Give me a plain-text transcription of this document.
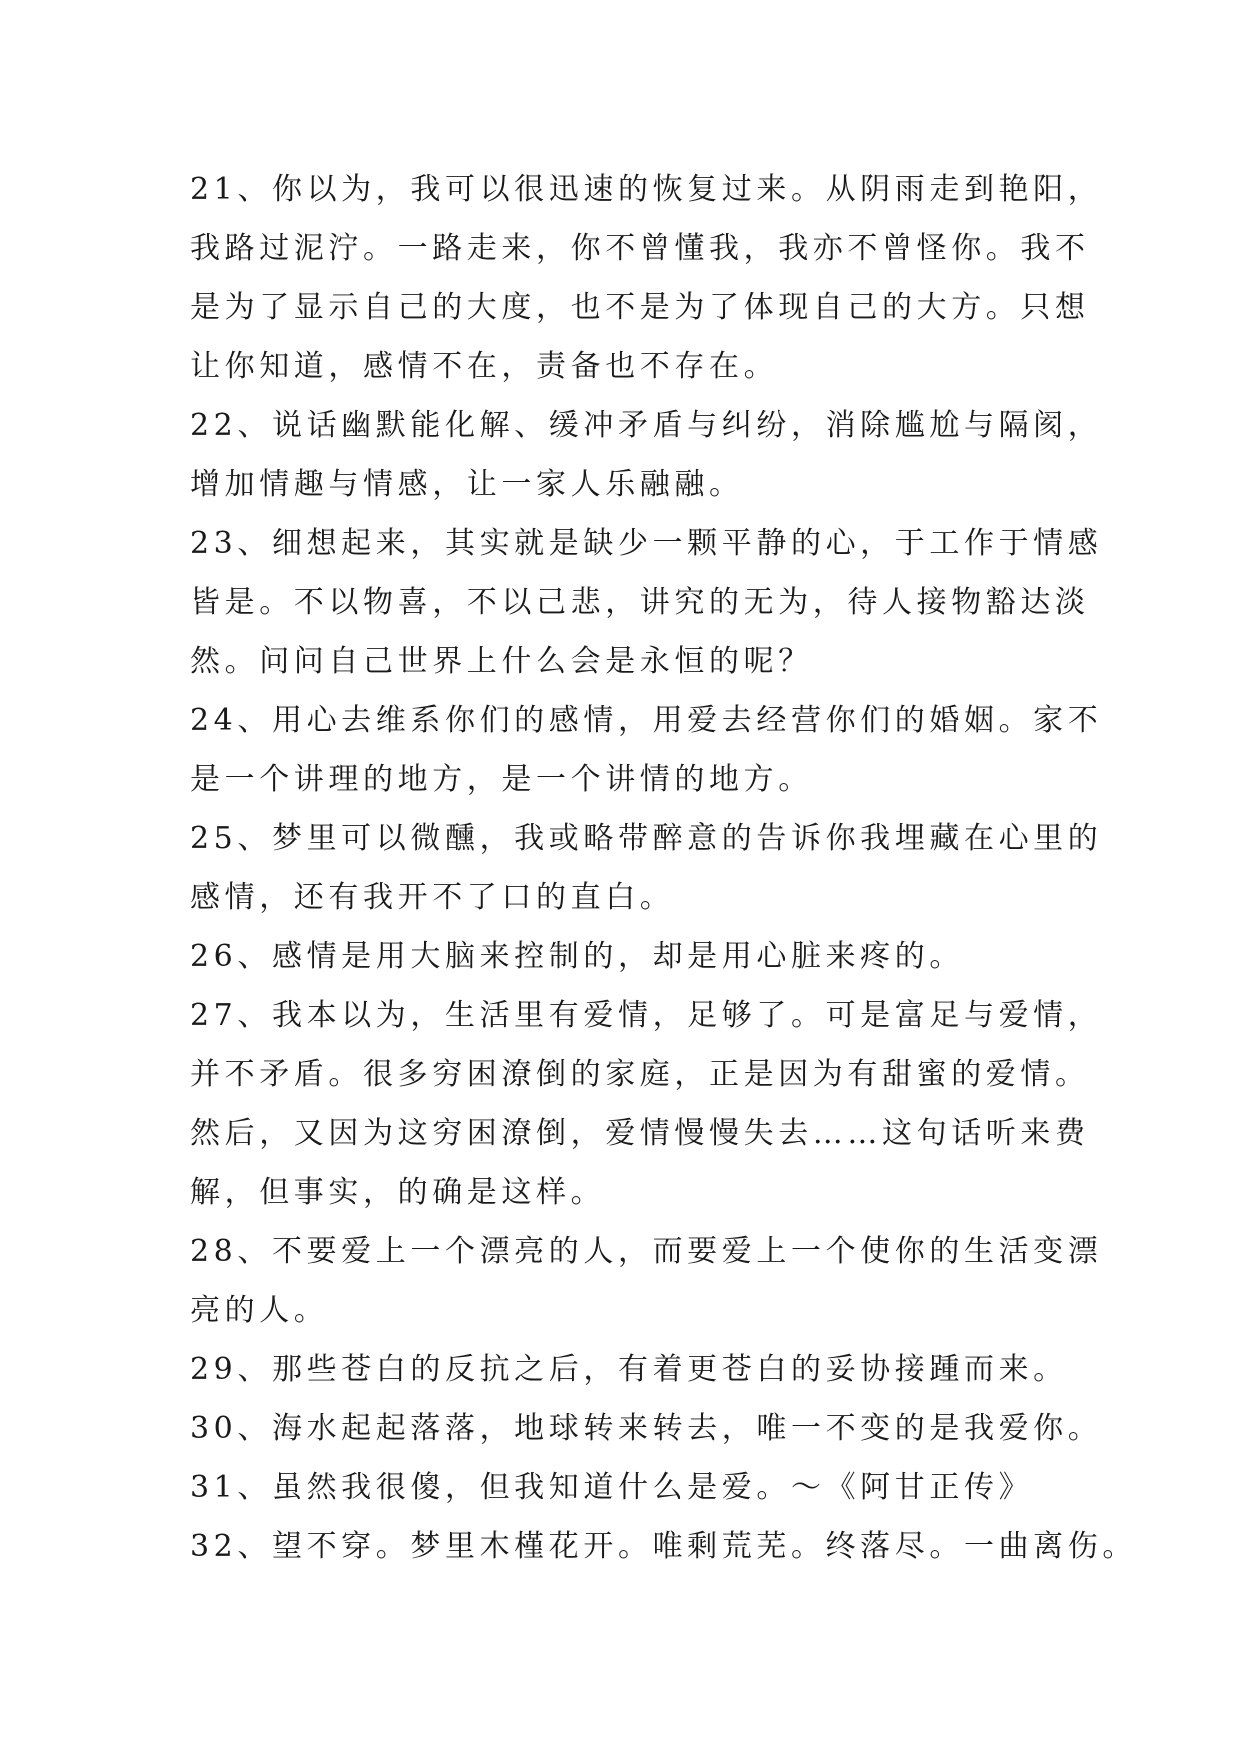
21、你以为，我可以很迅速的恢复过来。从阴雨走到艳阳，
我路过泥泞。一路走来，你不曾懂我，我亦不曾怪你。我不
是为了显示自己的大度，也不是为了体现自己的大方。只想
让你知道，感情不在，责备也不存在。
22、说话幽默能化解、缓冲矛盾与纠纷，消除尴尬与隔阂，
增加情趣与情感，让一家人乐融融。
23、细想起来，其实就是缺少一颗平静的心，于工作于情感
皆是。不以物喜，不以己悲，讲究的无为，待人接物豁达淡
然。问问自己世界上什么会是永恒的呢？
24、用心去维系你们的感情，用爱去经营你们的婚姻。家不
是一个讲理的地方，是一个讲情的地方。
25、梦里可以微醺，我或略带醉意的告诉你我埋藏在心里的
感情，还有我开不了口的直白。
26、感情是用大脑来控制的，却是用心脏来疼的。
27、我本以为，生活里有爱情，足够了。可是富足与爱情，
并不矛盾。很多穷困潦倒的家庭，正是因为有甜蜜的爱情。
然后，又因为这穷困潦倒，爱情慢慢失去……这句话听来费
解，但事实，的确是这样。
28、不要爱上一个漂亮的人，而要爱上一个使你的生活变漂
亮的人。
29、那些苍白的反抗之后，有着更苍白的妥协接踵而来。
30、海水起起落落，地球转来转去，唯一不变的是我爱你。
31、虽然我很傻，但我知道什么是爱。～《阿甘正传》
32、望不穿。梦里木槿花开。唯剩荒芜。终落尽。一曲离伤。
